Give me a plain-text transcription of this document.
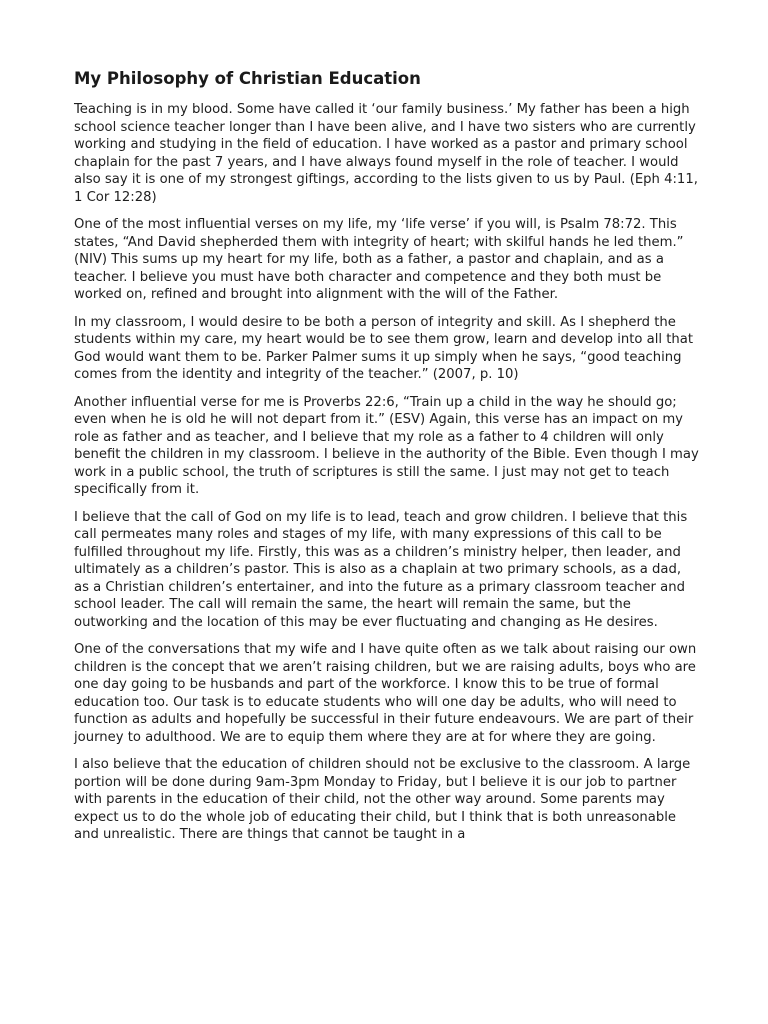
My Philosophy of Christian Education

Teaching is in my blood. Some have called it ‘our family business.’ My father has been a high school science teacher longer than I have been alive, and I have two sisters who are currently working and studying in the field of education. I have worked as a pastor and primary school chaplain for the past 7 years, and I have always found myself in the role of teacher. I would also say it is one of my strongest giftings, according to the lists given to us by Paul. (Eph 4:11, 1 Cor 12:28)

One of the most influential verses on my life, my ‘life verse’ if you will, is Psalm 78:72. This states, “And David shepherded them with integrity of heart; with skilful hands he led them.” (NIV) This sums up my heart for my life, both as a father, a pastor and chaplain, and as a teacher. I believe you must have both character and competence and they both must be worked on, refined and brought into alignment with the will of the Father.

In my classroom, I would desire to be both a person of integrity and skill. As I shepherd the students within my care, my heart would be to see them grow, learn and develop into all that God would want them to be. Parker Palmer sums it up simply when he says, “good teaching comes from the identity and integrity of the teacher.” (2007, p. 10)

Another influential verse for me is Proverbs 22:6, “Train up a child in the way he should go; even when he is old he will not depart from it.” (ESV) Again, this verse has an impact on my role as father and as teacher, and I believe that my role as a father to 4 children will only benefit the children in my classroom. I believe in the authority of the Bible. Even though I may work in a public school, the truth of scriptures is still the same. I just may not get to teach specifically from it.

I believe that the call of God on my life is to lead, teach and grow children. I believe that this call permeates many roles and stages of my life, with many expressions of this call to be fulfilled throughout my life. Firstly, this was as a children’s ministry helper, then leader, and ultimately as a children’s pastor. This is also as a chaplain at two primary schools, as a dad, as a Christian children’s entertainer, and into the future as a primary classroom teacher and school leader. The call will remain the same, the heart will remain the same, but the outworking and the location of this may be ever fluctuating and changing as He desires.

One of the conversations that my wife and I have quite often as we talk about raising our own children is the concept that we aren’t raising children, but we are raising adults, boys who are one day going to be husbands and part of the workforce. I know this to be true of formal education too. Our task is to educate students who will one day be adults, who will need to function as adults and hopefully be successful in their future endeavours. We are part of their journey to adulthood. We are to equip them where they are at for where they are going.

I also believe that the education of children should not be exclusive to the classroom. A large portion will be done during 9am-3pm Monday to Friday, but I believe it is our job to partner with parents in the education of their child, not the other way around. Some parents may expect us to do the whole job of educating their child, but I think that is both unreasonable and unrealistic. There are things that cannot be taught in a
